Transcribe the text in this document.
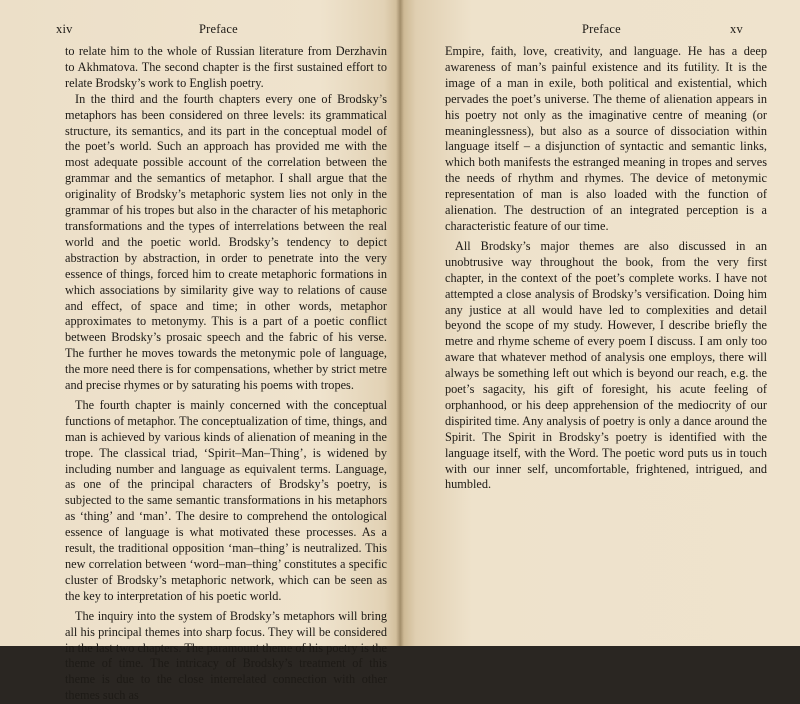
xiv	Preface

to relate him to the whole of Russian literature from Derzhavin to Akhmatova. The second chapter is the first sustained effort to relate Brodsky’s work to English poetry.

In the third and the fourth chapters every one of Brodsky’s metaphors has been considered on three levels: its grammatical structure, its semantics, and its part in the conceptual model of the poet’s world. Such an approach has provided me with the most adequate possible account of the correlation between the grammar and the semantics of metaphor. I shall argue that the originality of Brodsky’s metaphoric system lies not only in the grammar of his tropes but also in the character of his metaphoric transformations and the types of interrelations between the real world and the poetic world. Brodsky’s tendency to depict abstraction by abstraction, in order to penetrate into the very essence of things, forced him to create metaphoric formations in which associations by similarity give way to relations of cause and effect, of space and time; in other words, metaphor approximates to metonymy. This is a part of a poetic conflict between Brodsky’s prosaic speech and the fabric of his verse. The further he moves towards the metonymic pole of language, the more need there is for compensations, whether by strict metre and precise rhymes or by saturating his poems with tropes.

The fourth chapter is mainly concerned with the conceptual functions of metaphor. The conceptualization of time, things, and man is achieved by various kinds of alienation of meaning in the trope. The classical triad, ‘Spirit–Man–Thing’, is widened by including number and language as equivalent terms. Language, as one of the principal characters of Brodsky’s poetry, is subjected to the same semantic transformations in his metaphors as ‘thing’ and ‘man’. The desire to comprehend the ontological essence of language is what motivated these processes. As a result, the traditional opposition ‘man–thing’ is neutralized. This new correlation between ‘word–man–thing’ constitutes a specific cluster of Brodsky’s metaphoric network, which can be seen as the key to interpretation of his poetic world.

The inquiry into the system of Brodsky’s metaphors will bring all his principal themes into sharp focus. They will be considered in the last two chapters. The paramount theme of his poetry is the theme of time. The intricacy of Brodsky’s treatment of this theme is due to the close interrelated connection with other themes such as

Preface	xv

Empire, faith, love, creativity, and language. He has a deep awareness of man’s painful existence and its futility. It is the image of a man in exile, both political and existential, which pervades the poet’s universe. The theme of alienation appears in his poetry not only as the imaginative centre of meaning (or meaninglessness), but also as a source of dissociation within language itself – a disjunction of syntactic and semantic links, which both manifests the estranged meaning in tropes and serves the needs of rhythm and rhymes. The device of metonymic representation of man is also loaded with the function of alienation. The destruction of an integrated perception is a characteristic feature of our time.

All Brodsky’s major themes are also discussed in an unobtrusive way throughout the book, from the very first chapter, in the context of the poet’s complete works. I have not attempted a close analysis of Brodsky’s versification. Doing him any justice at all would have led to complexities and detail beyond the scope of my study. However, I describe briefly the metre and rhyme scheme of every poem I discuss. I am only too aware that whatever method of analysis one employs, there will always be something left out which is beyond our reach, e.g. the poet’s sagacity, his gift of foresight, his acute feeling of orphanhood, or his deep apprehension of the mediocrity of our dispirited time. Any analysis of poetry is only a dance around the Spirit. The Spirit in Brodsky’s poetry is identified with the language itself, with the Word. The poetic word puts us in touch with our inner self, uncomfortable, frightened, intrigued, and humbled.
